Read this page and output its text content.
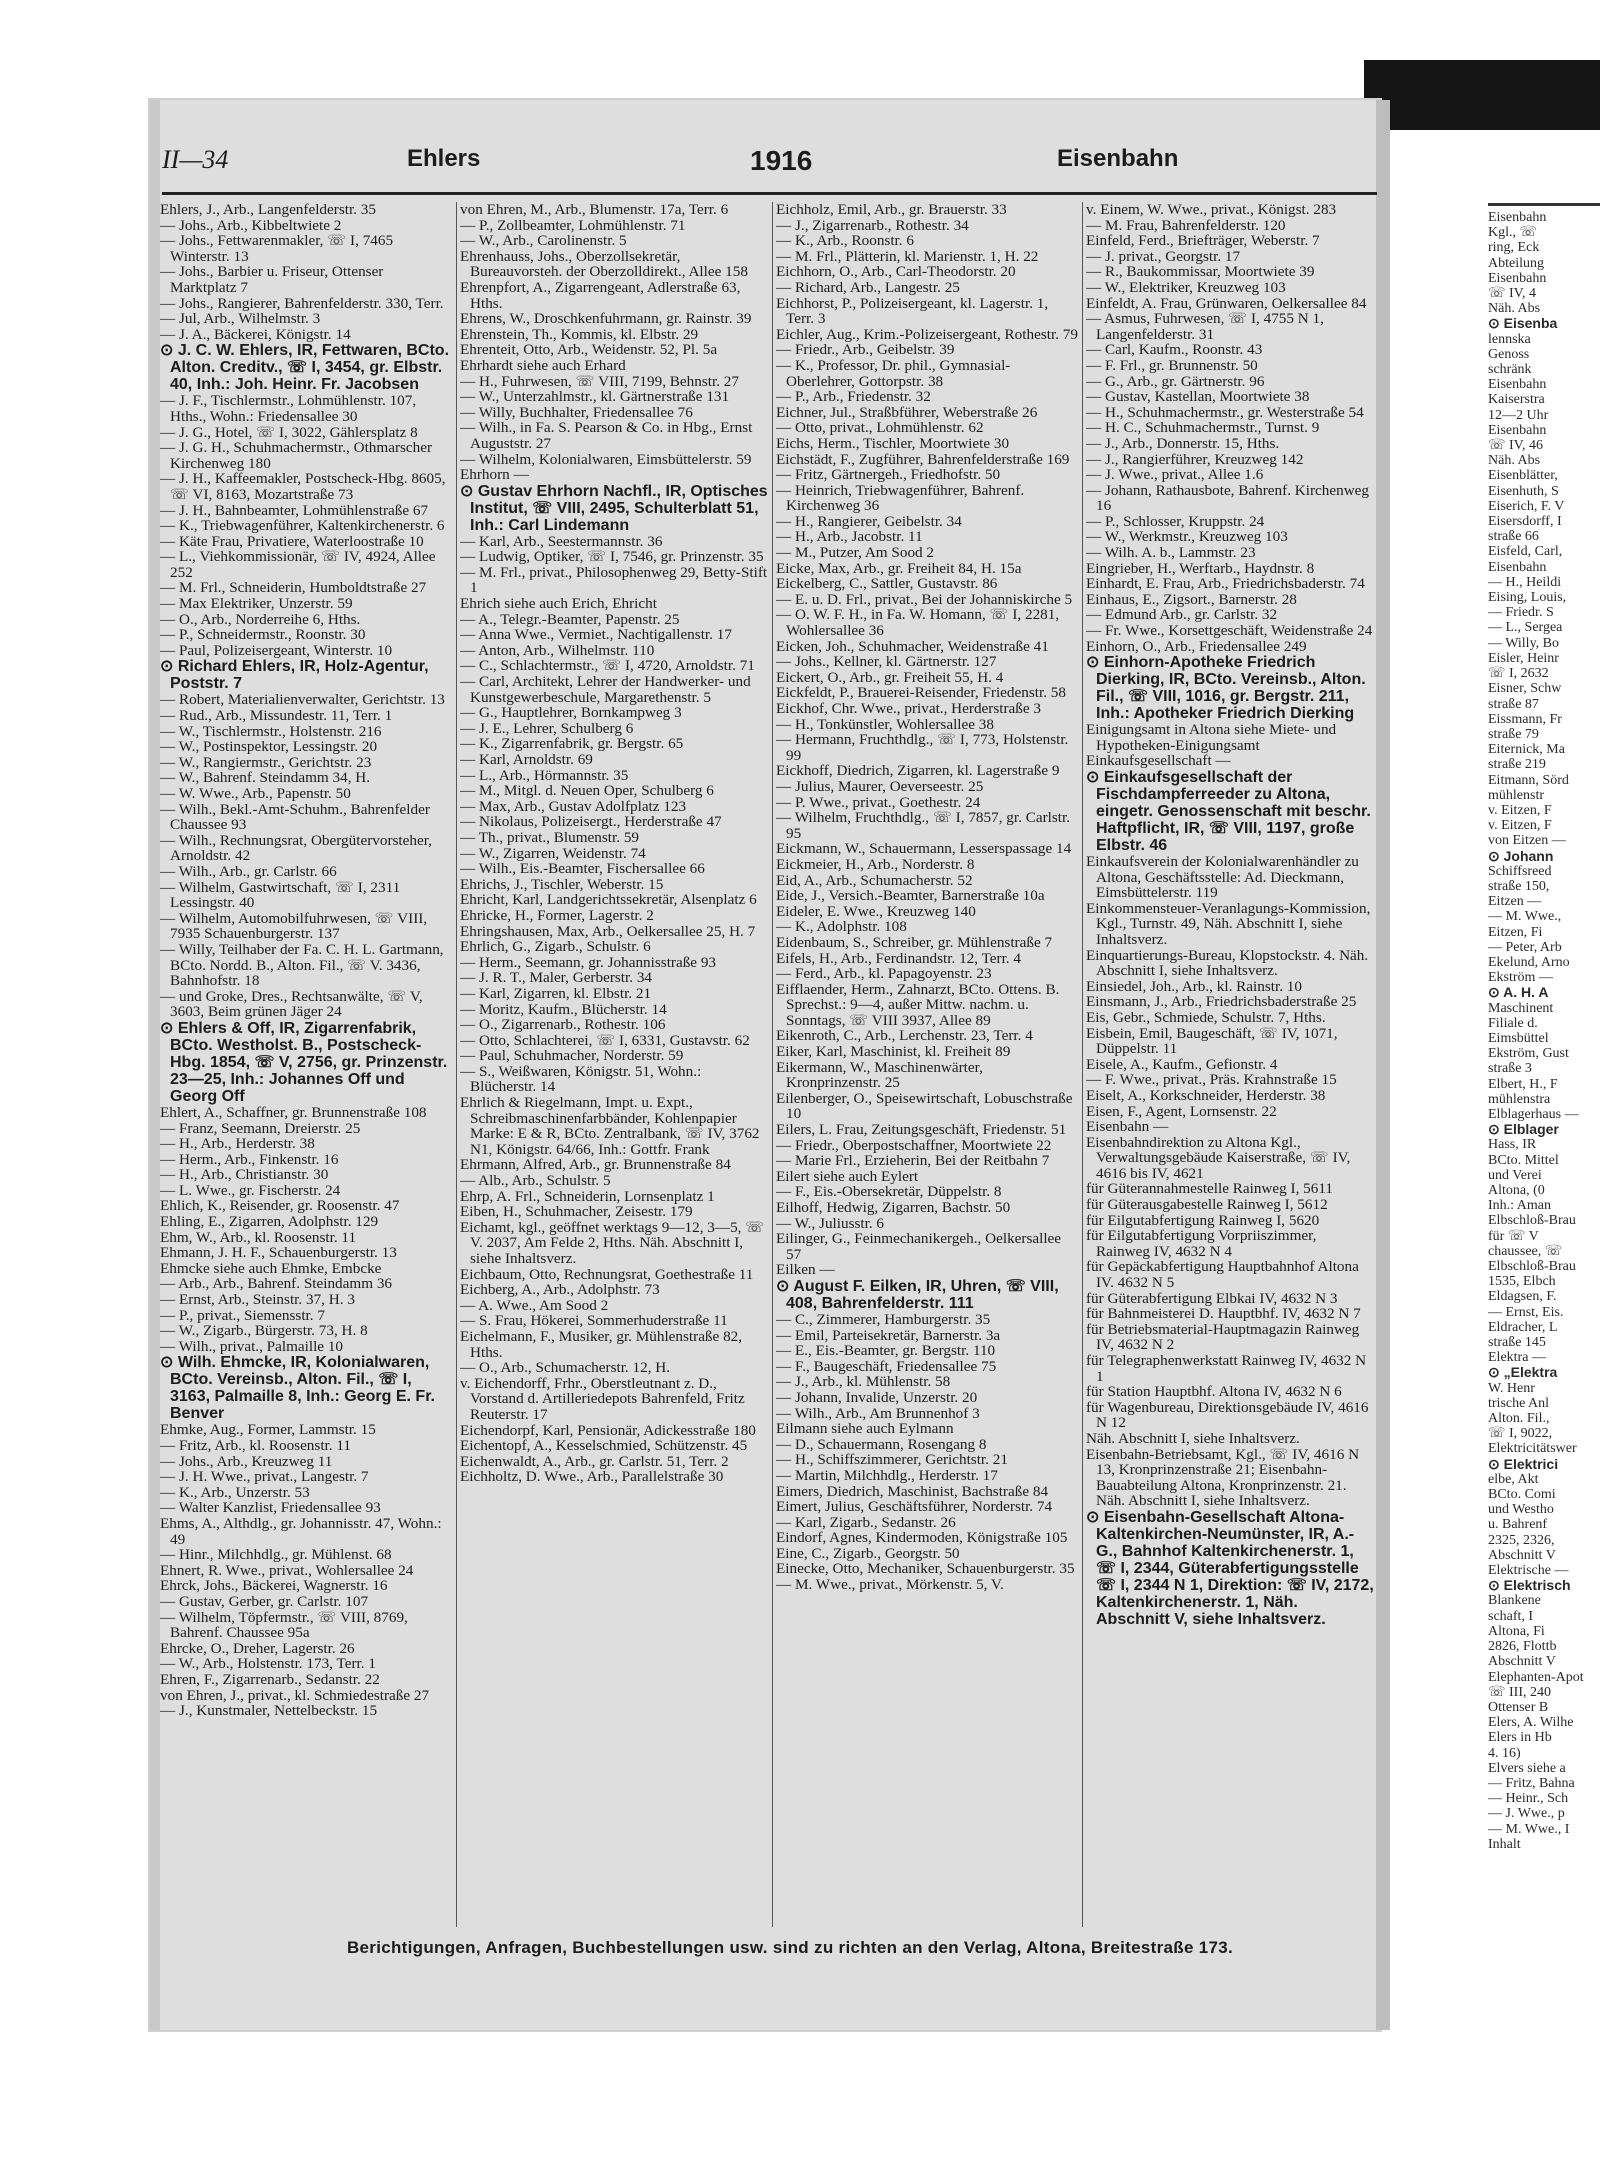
II—34	Ehlers	1916	Eisenbahn

Ehlers, J., Arb., Langenfelderstr. 35

— Johs., Arb., Kibbeltwiete 2

— Johs., Fettwarenmakler, ☏ I, 7465 Winterstr. 13

— Johs., Barbier u. Friseur, Ottenser Marktplatz 7

— Johs., Rangierer, Bahrenfelderstr. 330, Terr.

— Jul, Arb., Wilhelmstr. 3

— J. A., Bäckerei, Königstr. 14

⊙ J. C. W. Ehlers, IR, Fettwaren, BCto. Alton. Creditv., ☏ I, 3454, gr. Elbstr. 40, Inh.: Joh. Heinr. Fr. Jacobsen

— J. F., Tischlermstr., Lohmühlenstr. 107, Hths., Wohn.: Friedensallee 30

— J. G., Hotel, ☏ I, 3022, Gählersplatz 8

— J. G. H., Schuhmachermstr., Othmarscher Kirchenweg 180

— J. H., Kaffeemakler, Postscheck-Hbg. 8605, ☏ VI, 8163, Mozartstraße 73

— J. H., Bahnbeamter, Lohmühlenstraße 67

— K., Triebwagenführer, Kaltenkirchenerstr. 6

— Käte Frau, Privatiere, Waterloostraße 10

— L., Viehkommissionär, ☏ IV, 4924, Allee 252

— M. Frl., Schneiderin, Humboldtstraße 27

— Max Elektriker, Unzerstr. 59

— O., Arb., Norderreihe 6, Hths.

— P., Schneidermstr., Roonstr. 30

— Paul, Polizeisergeant, Winterstr. 10

⊙ Richard Ehlers, IR, Holz-Agentur, Poststr. 7

— Robert, Materialienverwalter, Gerichtstr. 13

— Rud., Arb., Missundestr. 11, Terr. 1

— W., Tischlermstr., Holstenstr. 216

— W., Postinspektor, Lessingstr. 20

— W., Rangiermstr., Gerichtstr. 23

— W., Bahrenf. Steindamm 34, H.

— W. Wwe., Arb., Papenstr. 50

— Wilh., Bekl.-Amt-Schuhm., Bahrenfelder Chaussee 93

— Wilh., Rechnungsrat, Obergütervorsteher, Arnoldstr. 42

— Wilh., Arb., gr. Carlstr. 66

— Wilhelm, Gastwirtschaft, ☏ I, 2311 Lessingstr. 40

— Wilhelm, Automobilfuhrwesen, ☏ VIII, 7935 Schauenburgerstr. 137

— Willy, Teilhaber der Fa. C. H. L. Gartmann, BCto. Nordd. B., Alton. Fil., ☏ V. 3436, Bahnhofstr. 18

— und Groke, Dres., Rechtsanwälte, ☏ V, 3603, Beim grünen Jäger 24

⊙ Ehlers & Off, IR, Zigarrenfabrik, BCto. Westholst. B., Postscheck-Hbg. 1854, ☏ V, 2756, gr. Prinzenstr. 23—25, Inh.: Johannes Off und Georg Off

Ehlert, A., Schaffner, gr. Brunnenstraße 108

— Franz, Seemann, Dreierstr. 25

— H., Arb., Herderstr. 38

— Herm., Arb., Finkenstr. 16

— H., Arb., Christianstr. 30

— L. Wwe., gr. Fischerstr. 24

Ehlich, K., Reisender, gr. Roosenstr. 47

Ehling, E., Zigarren, Adolphstr. 129

Ehm, W., Arb., kl. Roosenstr. 11

Ehmann, J. H. F., Schauenburgerstr. 13

Ehmcke siehe auch Ehmke, Embcke

— Arb., Arb., Bahrenf. Steindamm 36

— Ernst, Arb., Steinstr. 37, H. 3

— P., privat., Siemensstr. 7

— W., Zigarb., Bürgerstr. 73, H. 8

— Wilh., privat., Palmaille 10

⊙ Wilh. Ehmcke, IR, Kolonialwaren, BCto. Vereinsb., Alton. Fil., ☏ I, 3163, Palmaille 8, Inh.: Georg E. Fr. Benver

Ehmke, Aug., Former, Lammstr. 15

— Fritz, Arb., kl. Roosenstr. 11

— Johs., Arb., Kreuzweg 11

— J. H. Wwe., privat., Langestr. 7

— K., Arb., Unzerstr. 53

— Walter Kanzlist, Friedensallee 93

Ehms, A., Althdlg., gr. Johannisstr. 47, Wohn.: 49

— Hinr., Milchhdlg., gr. Mühlenst. 68

Ehnert, R. Wwe., privat., Wohlersallee 24

Ehrck, Johs., Bäckerei, Wagnerstr. 16

— Gustav, Gerber, gr. Carlstr. 107

— Wilhelm, Töpfermstr., ☏ VIII, 8769, Bahrenf. Chaussee 95a

Ehrcke, O., Dreher, Lagerstr. 26

— W., Arb., Holstenstr. 173, Terr. 1

Ehren, F., Zigarrenarb., Sedanstr. 22

von Ehren, J., privat., kl. Schmiedestraße 27

— J., Kunstmaler, Nettelbeckstr. 15

von Ehren, M., Arb., Blumenstr. 17a, Terr. 6

— P., Zollbeamter, Lohmühlenstr. 71

— W., Arb., Carolinenstr. 5

Ehrenhauss, Johs., Oberzollsekretär, Bureauvorsteh. der Oberzolldirekt., Allee 158

Ehrenpfort, A., Zigarrengeant, Adlerstraße 63, Hths.

Ehrens, W., Droschkenfuhrmann, gr. Rainstr. 39

Ehrenstein, Th., Kommis, kl. Elbstr. 29

Ehrenteit, Otto, Arb., Weidenstr. 52, Pl. 5a

Ehrhardt siehe auch Erhard

— H., Fuhrwesen, ☏ VIII, 7199, Behnstr. 27

— W., Unterzahlmstr., kl. Gärtnerstraße 131

— Willy, Buchhalter, Friedensallee 76

— Wilh., in Fa. S. Pearson & Co. in Hbg., Ernst Auguststr. 27

— Wilhelm, Kolonialwaren, Eimsbüttelerstr. 59

Ehrhorn —

⊙ Gustav Ehrhorn Nachfl., IR, Optisches Institut, ☏ VIII, 2495, Schulterblatt 51, Inh.: Carl Lindemann

— Karl, Arb., Seestermannstr. 36

— Ludwig, Optiker, ☏ I, 7546, gr. Prinzenstr. 35

— M. Frl., privat., Philosophenweg 29, Betty-Stift 1

Ehrich siehe auch Erich, Ehricht

— A., Telegr.-Beamter, Papenstr. 25

— Anna Wwe., Vermiet., Nachtigallenstr. 17

— Anton, Arb., Wilhelmstr. 110

— C., Schlachtermstr., ☏ I, 4720, Arnoldstr. 71

— Carl, Architekt, Lehrer der Handwerker- und Kunstgewerbeschule, Margarethenstr. 5

— G., Hauptlehrer, Bornkampweg 3

— J. E., Lehrer, Schulberg 6

— K., Zigarrenfabrik, gr. Bergstr. 65

— Karl, Arnoldstr. 69

— L., Arb., Hörmannstr. 35

— M., Mitgl. d. Neuen Oper, Schulberg 6

— Max, Arb., Gustav Adolfplatz 123

— Nikolaus, Polizeisergt., Herderstraße 47

— Th., privat., Blumenstr. 59

— W., Zigarren, Weidenstr. 74

— Wilh., Eis.-Beamter, Fischersallee 66

Ehrichs, J., Tischler, Weberstr. 15

Ehricht, Karl, Landgerichtssekretär, Alsenplatz 6

Ehricke, H., Former, Lagerstr. 2

Ehringshausen, Max, Arb., Oelkersallee 25, H. 7

Ehrlich, G., Zigarb., Schulstr. 6

— Herm., Seemann, gr. Johannisstraße 93

— J. R. T., Maler, Gerberstr. 34

— Karl, Zigarren, kl. Elbstr. 21

— Moritz, Kaufm., Blücherstr. 14

— O., Zigarrenarb., Rothestr. 106

— Otto, Schlachterei, ☏ I, 6331, Gustavstr. 62

— Paul, Schuhmacher, Norderstr. 59

— S., Weißwaren, Königstr. 51, Wohn.: Blücherstr. 14

Ehrlich & Riegelmann, Impt. u. Expt., Schreibmaschinenfarbbänder, Kohlenpapier Marke: E & R, BCto. Zentralbank, ☏ IV, 3762 N1, Königstr. 64/66, Inh.: Gottfr. Frank

Ehrmann, Alfred, Arb., gr. Brunnenstraße 84

— Alb., Arb., Schulstr. 5

Ehrp, A. Frl., Schneiderin, Lornsenplatz 1

Eiben, H., Schuhmacher, Zeisestr. 179

Eichamt, kgl., geöffnet werktags 9—12, 3—5, ☏ V. 2037, Am Felde 2, Hths. Näh. Abschnitt I, siehe Inhaltsverz.

Eichbaum, Otto, Rechnungsrat, Goethestraße 11

Eichberg, A., Arb., Adolphstr. 73

— A. Wwe., Am Sood 2

— S. Frau, Hökerei, Sommerhuderstraße 11

Eichelmann, F., Musiker, gr. Mühlenstraße 82, Hths.

— O., Arb., Schumacherstr. 12, H.

v. Eichendorff, Frhr., Oberstleutnant z. D., Vorstand d. Artilleriedepots Bahrenfeld, Fritz Reuterstr. 17

Eichendorpf, Karl, Pensionär, Adickesstraße 180

Eichentopf, A., Kesselschmied, Schützenstr. 45

Eichenwaldt, A., Arb., gr. Carlstr. 51, Terr. 2

Eichholtz, D. Wwe., Arb., Parallelstraße 30

Eichholz, Emil, Arb., gr. Brauerstr. 33

— J., Zigarrenarb., Rothestr. 34

— K., Arb., Roonstr. 6

— M. Frl., Plätterin, kl. Marienstr. 1, H. 22

Eichhorn, O., Arb., Carl-Theodorstr. 20

— Richard, Arb., Langestr. 25

Eichhorst, P., Polizeisergeant, kl. Lagerstr. 1, Terr. 3

Eichler, Aug., Krim.-Polizeisergeant, Rothestr. 79

— Friedr., Arb., Geibelstr. 39

— K., Professor, Dr. phil., Gymnasial-Oberlehrer, Gottorpstr. 38

— P., Arb., Friedenstr. 32

Eichner, Jul., Straßbführer, Weberstraße 26

— Otto, privat., Lohmühlenstr. 62

Eichs, Herm., Tischler, Moortwiete 30

Eichstädt, F., Zugführer, Bahrenfelderstraße 169

— Fritz, Gärtnergeh., Friedhofstr. 50

— Heinrich, Triebwagenführer, Bahrenf. Kirchenweg 36

— H., Rangierer, Geibelstr. 34

— H., Arb., Jacobstr. 11

— M., Putzer, Am Sood 2

Eicke, Max, Arb., gr. Freiheit 84, H. 15a

Eickelberg, C., Sattler, Gustavstr. 86

— E. u. D. Frl., privat., Bei der Johanniskirche 5

— O. W. F. H., in Fa. W. Homann, ☏ I, 2281, Wohlersallee 36

Eicken, Joh., Schuhmacher, Weidenstraße 41

— Johs., Kellner, kl. Gärtnerstr. 127

Eickert, O., Arb., gr. Freiheit 55, H. 4

Eickfeldt, P., Brauerei-Reisender, Friedenstr. 58

Eickhof, Chr. Wwe., privat., Herderstraße 3

— H., Tonkünstler, Wohlersallee 38

— Hermann, Fruchthdlg., ☏ I, 773, Holstenstr. 99

Eickhoff, Diedrich, Zigarren, kl. Lagerstraße 9

— Julius, Maurer, Oeverseestr. 25

— P. Wwe., privat., Goethestr. 24

— Wilhelm, Fruchthdlg., ☏ I, 7857, gr. Carlstr. 95

Eickmann, W., Schauermann, Lesserspassage 14

Eickmeier, H., Arb., Norderstr. 8

Eid, A., Arb., Schumacherstr. 52

Eide, J., Versich.-Beamter, Barnerstraße 10a

Eideler, E. Wwe., Kreuzweg 140

— K., Adolphstr. 108

Eidenbaum, S., Schreiber, gr. Mühlenstraße 7

Eifels, H., Arb., Ferdinandstr. 12, Terr. 4

— Ferd., Arb., kl. Papagoyenstr. 23

Eifflaender, Herm., Zahnarzt, BCto. Ottens. B. Sprechst.: 9—4, außer Mittw. nachm. u. Sonntags, ☏ VIII 3937, Allee 89

Eikenroth, C., Arb., Lerchenstr. 23, Terr. 4

Eiker, Karl, Maschinist, kl. Freiheit 89

Eikermann, W., Maschinenwärter, Kronprinzenstr. 25

Eilenberger, O., Speisewirtschaft, Lobuschstraße 10

Eilers, L. Frau, Zeitungsgeschäft, Friedenstr. 51

— Friedr., Oberpostschaffner, Moortwiete 22

— Marie Frl., Erzieherin, Bei der Reitbahn 7

Eilert siehe auch Eylert

— F., Eis.-Obersekretär, Düppelstr. 8

Eilhoff, Hedwig, Zigarren, Bachstr. 50

— W., Juliusstr. 6

Eilinger, G., Feinmechanikergeh., Oelkersallee 57

Eilken —

⊙ August F. Eilken, IR, Uhren, ☏ VIII, 408, Bahrenfelderstr. 111

— C., Zimmerer, Hamburgerstr. 35

— Emil, Parteisekretär, Barnerstr. 3a

— E., Eis.-Beamter, gr. Bergstr. 110

— F., Baugeschäft, Friedensallee 75

— J., Arb., kl. Mühlenstr. 58

— Johann, Invalide, Unzerstr. 20

— Wilh., Arb., Am Brunnenhof 3

Eilmann siehe auch Eylmann

— D., Schauermann, Rosengang 8

— H., Schiffszimmerer, Gerichtstr. 21

— Martin, Milchhdlg., Herderstr. 17

Eimers, Diedrich, Maschinist, Bachstraße 84

Eimert, Julius, Geschäftsführer, Norderstr. 74

— Karl, Zigarb., Sedanstr. 26

Eindorf, Agnes, Kindermoden, Königstraße 105

Eine, C., Zigarb., Georgstr. 50

Einecke, Otto, Mechaniker, Schauenburgerstr. 35

— M. Wwe., privat., Mörkenstr. 5, V.

v. Einem, W. Wwe., privat., Königst. 283

— M. Frau, Bahrenfelderstr. 120

Einfeld, Ferd., Briefträger, Weberstr. 7

— J. privat., Georgstr. 17

— R., Baukommissar, Moortwiete 39

— W., Elektriker, Kreuzweg 103

Einfeldt, A. Frau, Grünwaren, Oelkersallee 84

— Asmus, Fuhrwesen, ☏ I, 4755 N 1, Langenfelderstr. 31

— Carl, Kaufm., Roonstr. 43

— F. Frl., gr. Brunnenstr. 50

— G., Arb., gr. Gärtnerstr. 96

— Gustav, Kastellan, Moortwiete 38

— H., Schuhmachermstr., gr. Westerstraße 54

— H. C., Schuhmachermstr., Turnst. 9

— J., Arb., Donnerstr. 15, Hths.

— J., Rangierführer, Kreuzweg 142

— J. Wwe., privat., Allee 1.6

— Johann, Rathausbote, Bahrenf. Kirchenweg 16

— P., Schlosser, Kruppstr. 24

— W., Werkmstr., Kreuzweg 103

— Wilh. A. b., Lammstr. 23

Eingrieber, H., Werftarb., Haydnstr. 8

Einhardt, E. Frau, Arb., Friedrichsbaderstr. 74

Einhaus, E., Zigsort., Barnerstr. 28

— Edmund Arb., gr. Carlstr. 32

— Fr. Wwe., Korsettgeschäft, Weidenstraße 24

Einhorn, O., Arb., Friedensallee 249

⊙ Einhorn-Apotheke Friedrich Dierking, IR, BCto. Vereinsb., Alton. Fil., ☏ VIII, 1016, gr. Bergstr. 211, Inh.: Apotheker Friedrich Dierking

Einigungsamt in Altona siehe Miete- und Hypotheken-Einigungsamt

Einkaufsgesellschaft —

⊙ Einkaufsgesellschaft der Fischdampferreeder zu Altona, eingetr. Genossenschaft mit beschr. Haftpflicht, IR, ☏ VIII, 1197, große Elbstr. 46

Einkaufsverein der Kolonialwarenhändler zu Altona, Geschäftsstelle: Ad. Dieckmann, Eimsbüttelerstr. 119

Einkommensteuer-Veranlagungs-Kommission, Kgl., Turnstr. 49, Näh. Abschnitt I, siehe Inhaltsverz.

Einquartierungs-Bureau, Klopstockstr. 4. Näh. Abschnitt I, siehe Inhaltsverz.

Einsiedel, Joh., Arb., kl. Rainstr. 10

Einsmann, J., Arb., Friedrichsbaderstraße 25

Eis, Gebr., Schmiede, Schulstr. 7, Hths.

Eisbein, Emil, Baugeschäft, ☏ IV, 1071, Düppelstr. 11

Eisele, A., Kaufm., Gefionstr. 4

— F. Wwe., privat., Präs. Krahnstraße 15

Eiselt, A., Korkschneider, Herderstr. 38

Eisen, F., Agent, Lornsenstr. 22

Eisenbahn —

Eisenbahndirektion zu Altona Kgl., Verwaltungsgebäude Kaiserstraße, ☏ IV, 4616 bis IV, 4621

für Güterannahmestelle Rainweg I, 5611

für Güterausgabestelle Rainweg I, 5612

für Eilgutabfertigung Rainweg I, 5620

für Eilgutabfertigung Vorpriiszimmer, Rainweg IV, 4632 N 4

für Gepäckabfertigung Hauptbahnhof Altona IV. 4632 N 5

für Güterabfertigung Elbkai IV, 4632 N 3

für Bahnmeisterei D. Hauptbhf. IV, 4632 N 7

für Betriebsmaterial-Hauptmagazin Rainweg IV, 4632 N 2

für Telegraphenwerkstatt Rainweg IV, 4632 N 1

für Station Hauptbhf. Altona IV, 4632 N 6

für Wagenbureau, Direktionsgebäude IV, 4616 N 12

Näh. Abschnitt I, siehe Inhaltsverz.

Eisenbahn-Betriebsamt, Kgl., ☏ IV, 4616 N 13, Kronprinzenstraße 21; Eisenbahn-Bauabteilung Altona, Kronprinzenstr. 21. Näh. Abschnitt I, siehe Inhaltsverz.

⊙ Eisenbahn-Gesellschaft Altona-Kaltenkirchen-Neumünster, IR, A.-G., Bahnhof Kaltenkirchenerstr. 1, ☏ I, 2344, Güterabfertigungsstelle ☏ I, 2344 N 1, Direktion: ☏ IV, 2172, Kaltenkirchenerstr. 1, Näh. Abschnitt V, siehe Inhaltsverz.

Berichtigungen, Anfragen, Buchbestellungen usw. sind zu richten an den Verlag, Altona, Breitestraße 173.

Eisenbahn

Kgl., ☏

ring, Eck

Abteilung

Eisenbahn

☏ IV, 4

Näh. Abs

⊙ Eisenba

lennska

Genoss

schränk

Eisenbahn

Kaiserstra

12—2 Uhr

Eisenbahn

☏ IV, 46

Näh. Abs

Eisenblätter,

Eisenhuth, S

Eiserich, F. V

Eisersdorff, I

straße 66

Eisfeld, Carl,

Eisenbahn

— H., Heildi

Eising, Louis,

— Friedr. S

— L., Sergea

— Willy, Bo

Eisler, Heinr

☏ I, 2632

Eisner, Schw

straße 87

Eissmann, Fr

straße 79

Eiternick, Ma

straße 219

Eitmann, Sörd

mühlenstr

v. Eitzen, F

v. Eitzen, F

von Eitzen —

⊙ Johann

Schiffsreed

straße 150,

Eitzen —

— M. Wwe.,

Eitzen, Fi

— Peter, Arb

Ekelund, Arno

Ekström —

⊙ A. H. A

Maschinent

Filiale d.

Eimsbüttel

Ekström, Gust

straße 3

Elbert, H., F

mühlenstra

Elblagerhaus —

⊙ Elblager

Hass, IR

BCto. Mittel

und Verei

Altona, (0

Inh.: Aman

Elbschloß-Brau

für ☏ V

chaussee, ☏

Elbschloß-Brau

1535, Elbch

Eldagsen, F.

— Ernst, Eis.

Eldracher, L

straße 145

Elektra —

⊙ „Elektra

W. Henr

trische Anl

Alton. Fil.,

☏ I, 9022,

Elektricitätswer

⊙ Elektrici

elbe, Akt

BCto. Comi

und Westho

u. Bahrenf

2325, 2326,

Abschnitt V

Elektrische —

⊙ Elektrisch

Blankene

schaft, I

Altona, Fi

2826, Flottb

Abschnitt V

Elephanten-Apot

☏ III, 240

Ottenser B

Elers, A. Wilhe

Elers in Hb

4. 16)

Elvers siehe a

— Fritz, Bahna

— Heinr., Sch

— J. Wwe., p

— M. Wwe., I

Inhalt
